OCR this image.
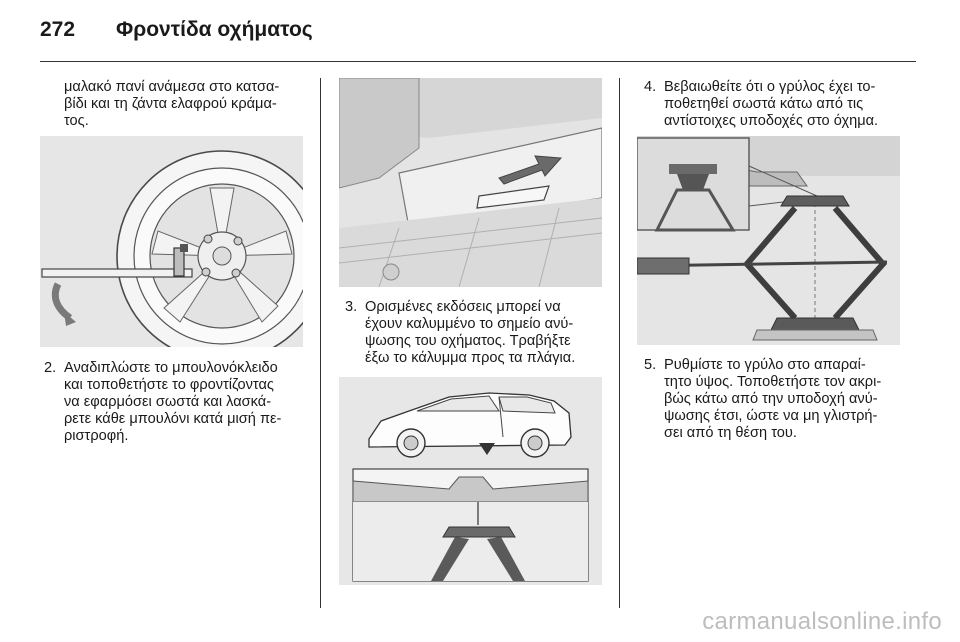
272 Φροντίδα οχήματος

μαλακό πανί ανάμεσα στο κατσα-

βίδι και τη ζάντα ελαφρού κράμα-

τος.

2. Αναδιπλώστε το μπουλονόκλειδο

και τοποθετήστε το φροντίζοντας

να εφαρμόσει σωστά και λασκά-

ρετε κάθε μπουλόνι κατά μισή πε-

ριστροφή.

3. Ορισμένες εκδόσεις μπορεί να

έχουν καλυμμένο το σημείο ανύ-

ψωσης του οχήματος. Τραβήξτε

έξω το κάλυμμα προς τα πλάγια.

4. Βεβαιωθείτε ότι ο γρύλος έχει το-

ποθετηθεί σωστά κάτω από τις

αντίστοιχες υποδοχές στο όχημα.

5. Ρυθμίστε το γρύλο στο απαραί-

τητο ύψος. Τοποθετήστε τον ακρι-

βώς κάτω από την υποδοχή ανύ-

ψωσης έτσι, ώστε να μη γλιστρή-

σει από τη θέση του.

carmanualsonline.info
